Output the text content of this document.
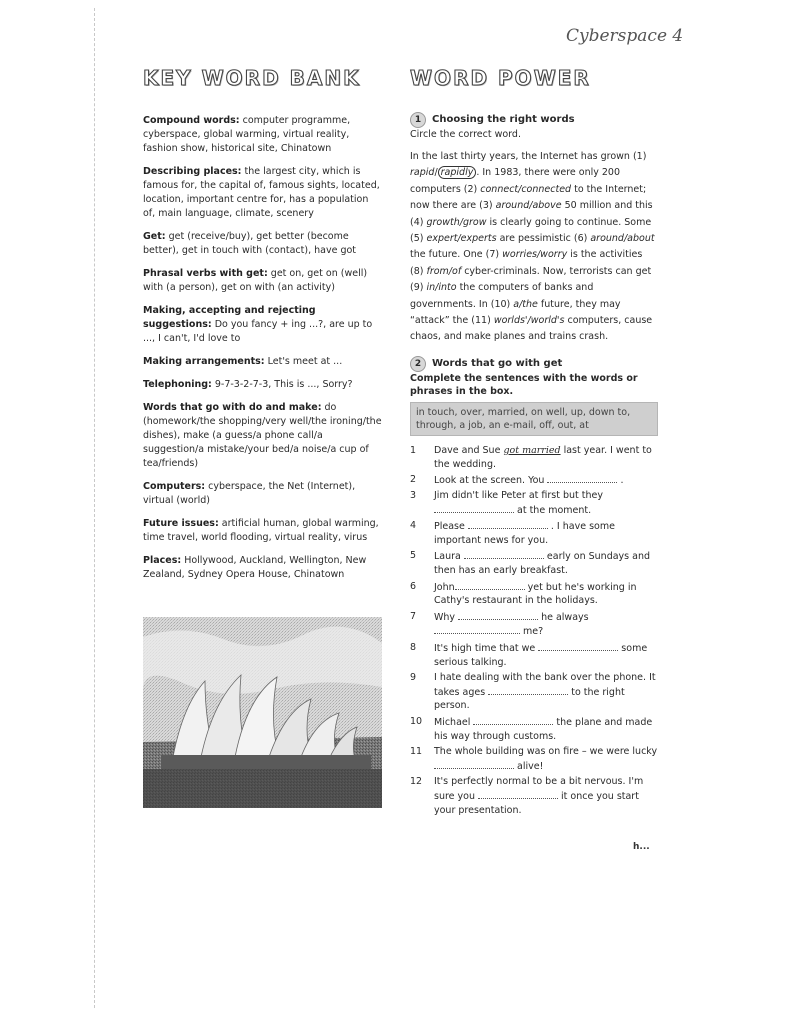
Cyberspace 4
KEY WORD BANK WORD POWER
Compound words: computer programme, cyberspace, global warming, virtual reality, fashion show, historical site, Chinatown
Describing places: the largest city, which is famous for, the capital of, famous sights, located, location, important centre for, has a population of, main language, climate, scenery
Get: get (receive/buy), get better (become better), get in touch with (contact), have got
Phrasal verbs with get: get on, get on (well) with (a person), get on with (an activity)
Making, accepting and rejecting suggestions: Do you fancy + ing ...?, are up to ..., I can't, I'd love to
Making arrangements: Let's meet at ...
Telephoning: 9-7-3-2-7-3, This is ..., Sorry?
Words that go with do and make: do (homework/the shopping/very well/the ironing/the dishes), make (a guess/a phone call/a suggestion/a mistake/your bed/a noise/a cup of tea/friends)
Computers: cyberspace, the Net (Internet), virtual (world)
Future issues: artificial human, global warming, time travel, world flooding, virtual reality, virus
Places: Hollywood, Auckland, Wellington, New Zealand, Sydney Opera House, Chinatown
1	Choosing the right words

Circle the correct word.

In the last thirty years, the Internet has grown (1) rapid/ rapidly . In 1983, there were only 200 computers (2) connect/connected to the Internet; now there are (3) around/above 50 million and this (4) growth/grow is clearly going to continue. Some (5) expert/experts are pessimistic (6) around/about the future. One (7) worries/worry is the activities (8) from/of cyber-criminals. Now, terrorists can get (9) in/into the computers of banks and governments. In (10) a/the future, they may “attack” the (11) worlds'/world's computers, cause chaos, and make planes and trains crash.

2	Words that go with get

Complete the sentences with the words or phrases in the box.

in touch, over, married, on well, up, down to, through, a job, an e-mail, off, out, at
1	Dave and Sue got married last year. I went to the wedding.
2	Look at the screen. You	.
3	Jim didn't like Peter at first but they  at the moment.
4	Please	. I have some important news for you.
5	Laura	early on Sundays and then has an early breakfast.
6	John	yet but he's working in Cathy's restaurant in the holidays.
7	Why	he always  me?
8	It's high time that we	some serious talking.
9	I hate dealing with the bank over the phone. It takes ages	to the right person.
10	Michael	the plane and made his way through customs.
11	The whole building was on fire – we were lucky  alive!
12	It's perfectly normal to be a bit nervous. I'm sure you	it once you start your presentation.
h...
